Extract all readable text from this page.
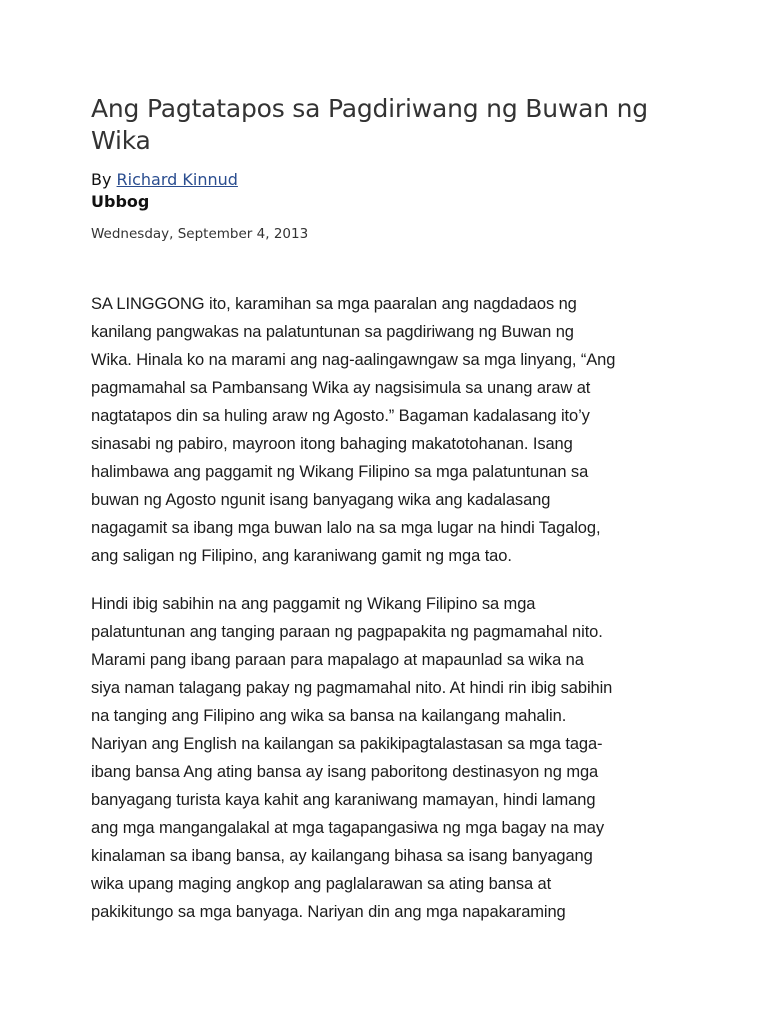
Ang Pagtatapos sa Pagdiriwang ng Buwan ng
Wika
By Richard Kinnud
Ubbog
Wednesday, September 4, 2013

SA LINGGONG ito, karamihan sa mga paaralan ang nagdadaos ng
kanilang pangwakas na palatuntunan sa pagdiriwang ng Buwan ng
Wika. Hinala ko na marami ang nag-aalingawngaw sa mga linyang, “Ang
pagmamahal sa Pambansang Wika ay nagsisimula sa unang araw at
nagtatapos din sa huling araw ng Agosto.” Bagaman kadalasang ito’y
sinasabi ng pabiro, mayroon itong bahaging makatotohanan. Isang
halimbawa ang paggamit ng Wikang Filipino sa mga palatuntunan sa
buwan ng Agosto ngunit isang banyagang wika ang kadalasang
nagagamit sa ibang mga buwan lalo na sa mga lugar na hindi Tagalog,
ang saligan ng Filipino, ang karaniwang gamit ng mga tao.

Hindi ibig sabihin na ang paggamit ng Wikang Filipino sa mga
palatuntunan ang tanging paraan ng pagpapakita ng pagmamahal nito.
Marami pang ibang paraan para mapalago at mapaunlad sa wika na
siya naman talagang pakay ng pagmamahal nito. At hindi rin ibig sabihin
na tanging ang Filipino ang wika sa bansa na kailangang mahalin.
Nariyan ang English na kailangan sa pakikipagtalastasan sa mga taga-
ibang bansa Ang ating bansa ay isang paboritong destinasyon ng mga
banyagang turista kaya kahit ang karaniwang mamayan, hindi lamang
ang mga mangangalakal at mga tagapangasiwa ng mga bagay na may
kinalaman sa ibang bansa, ay kailangang bihasa sa isang banyagang
wika upang maging angkop ang paglalarawan sa ating bansa at
pakikitungo sa mga banyaga. Nariyan din ang mga napakaraming
